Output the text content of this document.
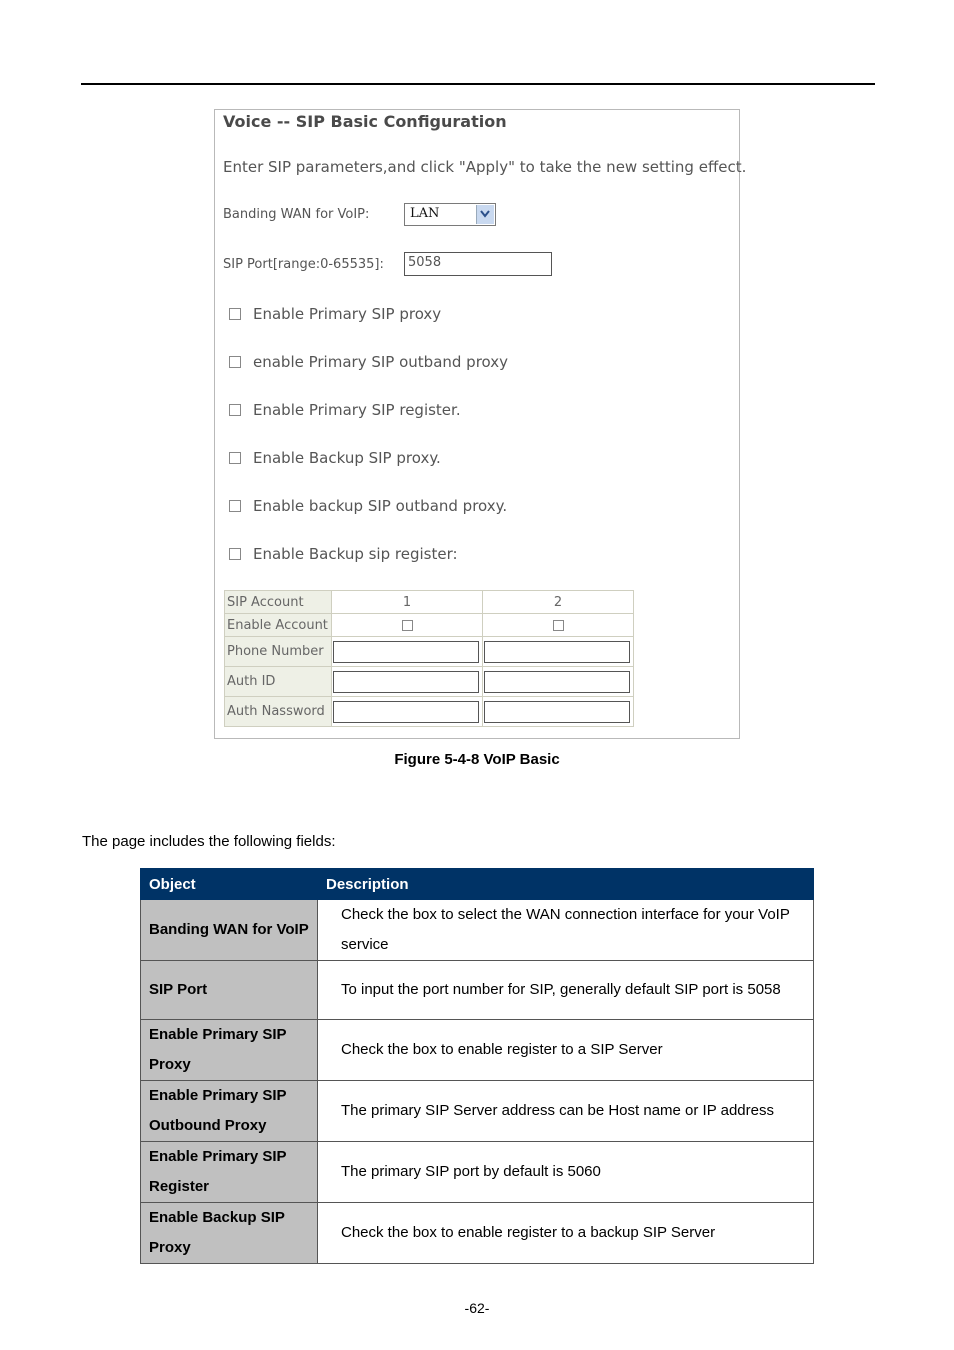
Voice -- SIP Basic Configuration
Enter SIP parameters,and click "Apply" to take the new setting effect.
Banding WAN for VoIP:	LAN
SIP Port[range:0-65535]:	5058
Enable Primary SIP proxy
enable Primary SIP outband proxy
Enable Primary SIP register.
Enable Backup SIP proxy.
Enable backup SIP outband proxy.
Enable Backup sip register:
SIP Account	1	2
Enable Account		
Phone Number	

Auth ID	

Auth Nassword	

Figure 5-4-8 VoIP Basic
The page includes the following fields:
Object	Description
Banding WAN for VoIP	Check the box to select the WAN connection interface for your VoIP service
SIP Port	To input the port number for SIP, generally default SIP port is 5058
Enable Primary SIP Proxy	Check the box to enable register to a SIP Server
Enable Primary SIP Outbound Proxy	The primary SIP Server address can be Host name or IP address
Enable Primary SIP Register	The primary SIP port by default is 5060
Enable Backup SIP Proxy	Check the box to enable register to a backup SIP Server
-62-
